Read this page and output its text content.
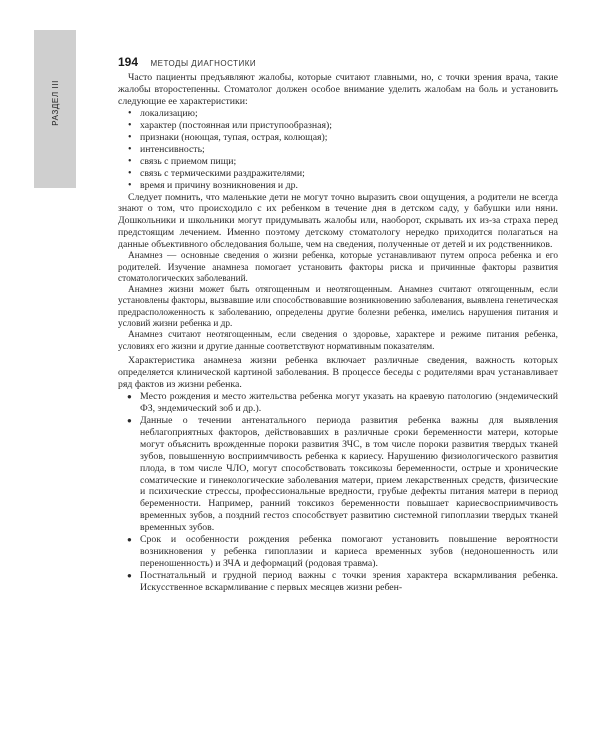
РАЗДЕЛ III
194 МЕТОДЫ ДИАГНОСТИКИ

Часто пациенты предъявляют жалобы, которые считают главными, но, с точки зрения врача, такие жалобы второстепенны. Стоматолог должен особое внимание уделить жалобам на боль и установить следующие ее характеристики:

• локализацию;
• характер (постоянная или приступообразная);
• признаки (ноющая, тупая, острая, колющая);
• интенсивность;
• связь с приемом пищи;
• связь с термическими раздражителями;
• время и причину возникновения и др.

Следует помнить, что маленькие дети не могут точно выразить свои ощущения, а родители не всегда знают о том, что происходило с их ребенком в течение дня в детском саду, у бабушки или няни. Дошкольники и школьники могут придумывать жалобы или, наоборот, скрывать их из-за страха перед предстоящим лечением. Именно поэтому детскому стоматологу нередко приходится полагаться на данные объективного обследования больше, чем на сведения, полученные от детей и их родственников.

Анамнез — основные сведения о жизни ребенка, которые устанавливают путем опроса ребенка и его родителей. Изучение анамнеза помогает установить факторы риска и причинные факторы развития стоматологических заболеваний.

Анамнез жизни может быть отягощенным и неотягощенным. Анамнез считают отягощенным, если установлены факторы, вызвавшие или способствовавшие возникновению заболевания, выявлена генетическая предрасположенность к заболеванию, определены другие болезни ребенка, имелись нарушения питания и условий жизни ребенка и др.

Анамнез считают неотягощенным, если сведения о здоровье, характере и режиме питания ребенка, условиях его жизни и другие данные соответствуют нормативным показателям.

Характеристика анамнеза жизни ребенка включает различные сведения, важность которых определяется клинической картиной заболевания. В процессе беседы с родителями врач устанавливает ряд фактов из жизни ребенка.

● Место рождения и место жительства ребенка могут указать на краевую патологию (эндемический ФЗ, эндемический зоб и др.).
● Данные о течении антенатального периода развития ребенка важны для выявления неблагоприятных факторов, действовавших в различные сроки беременности матери, которые могут объяснить врожденные пороки развития ЗЧС, в том числе пороки развития твердых тканей зубов, повышенную восприимчивость ребенка к кариесу. Нарушению физиологического развития плода, в том числе ЧЛО, могут способствовать токсикозы беременности, острые и хронические соматические и гинекологические заболевания матери, прием лекарственных средств, физические и психические стрессы, профессиональные вредности, грубые дефекты питания матери в период беременности. Например, ранний токсикоз беременности повышает кариесвосприимчивость временных зубов, а поздний гестоз способствует развитию системной гипоплазии твердых тканей временных зубов.
● Срок и особенности рождения ребенка помогают установить повышение вероятности возникновения у ребенка гипоплазии и кариеса временных зубов (недоношенность или переношенность) и ЗЧА и деформаций (родовая травма).
● Постнатальный и грудной период важны с точки зрения характера вскармливания ребенка. Искусственное вскармливание с первых месяцев жизни ребен-
